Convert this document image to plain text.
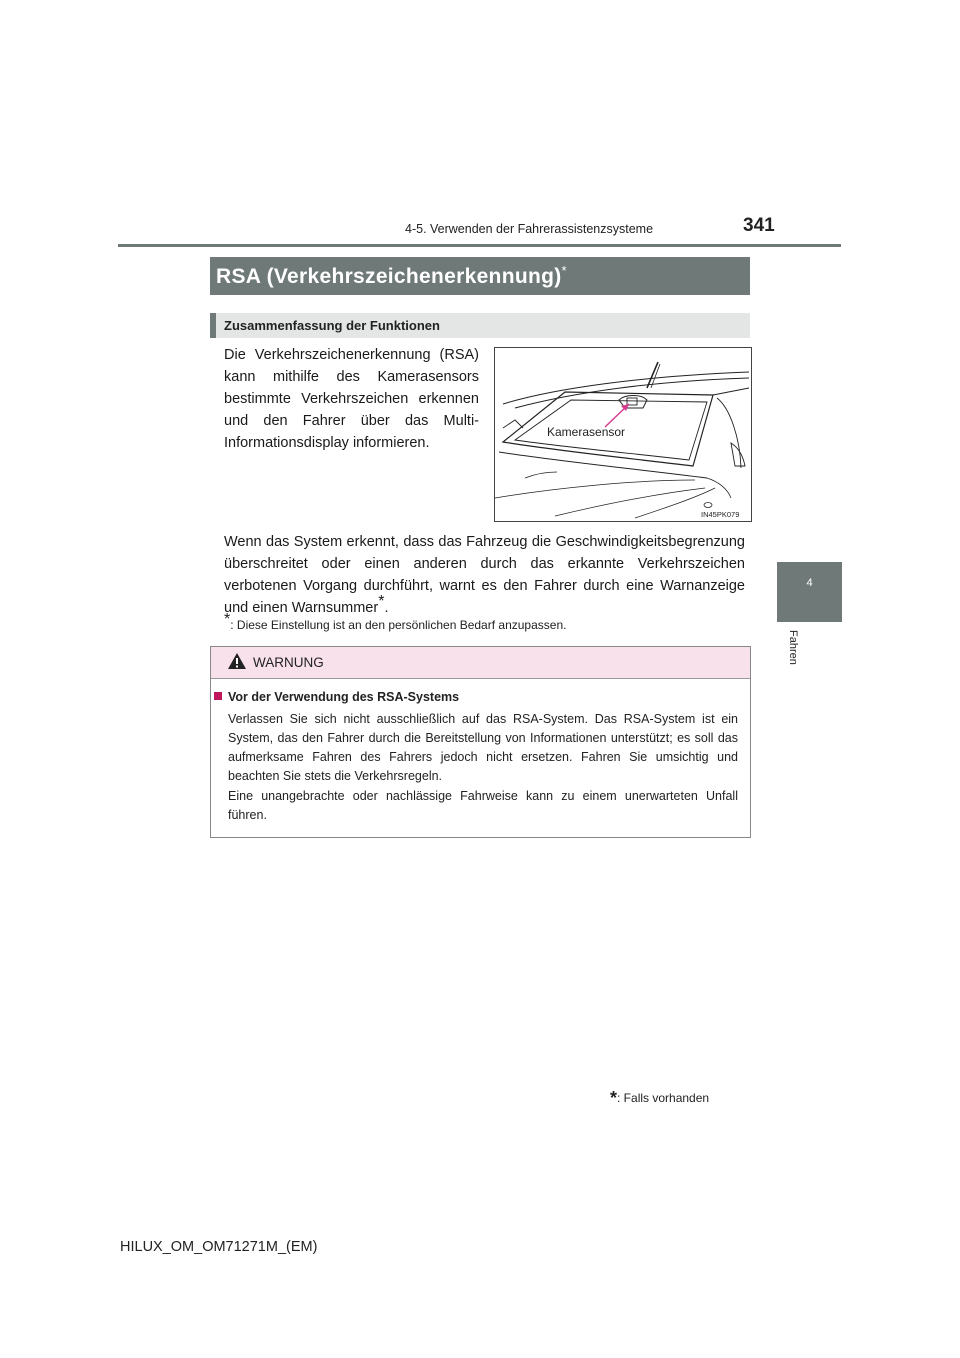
4-5. Verwenden der Fahrerassistenzsysteme	341
4
Fahren
RSA (Verkehrszeichenerkennung)*
Zusammenfassung der Funktionen
Die Verkehrszeichenerkennung (RSA) kann mithilfe des Kamerasensors bestimmte Verkehrszeichen erkennen und den Fahrer über das Multi-Informationsdisplay informieren.
Kamerasensor
IN45PK079
Wenn das System erkennt, dass das Fahrzeug die Geschwindigkeitsbegrenzung überschreitet oder einen anderen durch das erkannte Verkehrszeichen verbotenen Vorgang durchführt, warnt es den Fahrer durch eine Warnanzeige und einen Warnsummer*.
*: Diese Einstellung ist an den persönlichen Bedarf anzupassen.
WARNUNG
Vor der Verwendung des RSA-Systems
Verlassen Sie sich nicht ausschließlich auf das RSA-System. Das RSA-System ist ein System, das den Fahrer durch die Bereitstellung von Informationen unterstützt; es soll das aufmerksame Fahren des Fahrers jedoch nicht ersetzen. Fahren Sie umsichtig und beachten Sie stets die Verkehrsregeln.
Eine unangebrachte oder nachlässige Fahrweise kann zu einem unerwarteten Unfall führen.
*: Falls vorhanden
HILUX_OM_OM71271M_(EM)
